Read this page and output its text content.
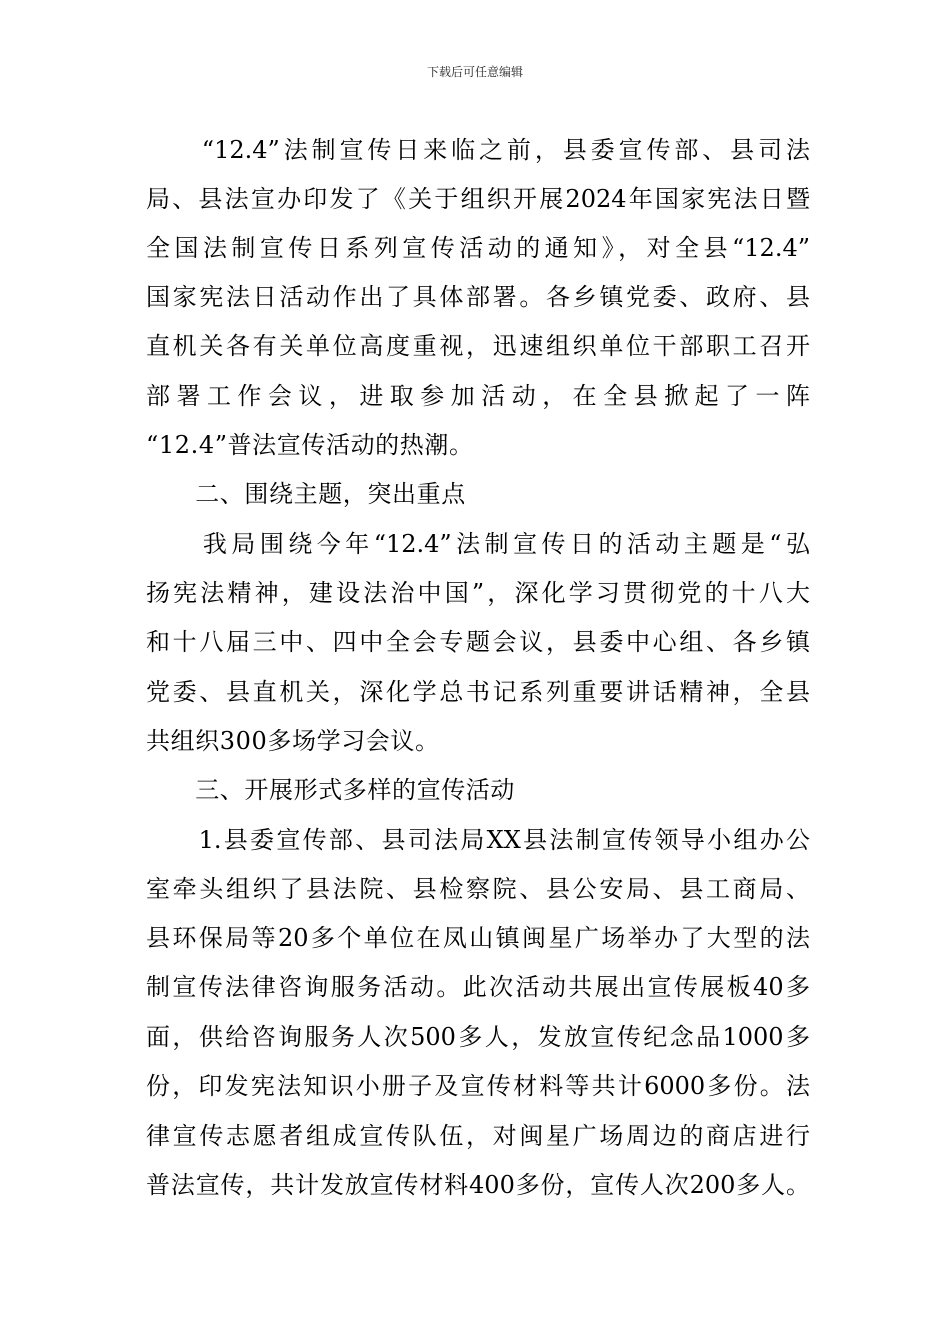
下载后可任意编辑
　　“12.4”法制宣传日来临之前，县委宣传部、县司法
局、县法宣办印发了《关于组织开展2024年国家宪法日暨
全国法制宣传日系列宣传活动的通知》，对全县“12.4”
国家宪法日活动作出了具体部署。各乡镇党委、政府、县
直机关各有关单位高度重视，迅速组织单位干部职工召开
部署工作会议，进取参加活动，在全县掀起了一阵
“12.4”普法宣传活动的热潮。
　　二、围绕主题，突出重点
　　我局围绕今年“12.4”法制宣传日的活动主题是“弘
扬宪法精神，建设法治中国”，深化学习贯彻党的十八大
和十八届三中、四中全会专题会议，县委中心组、各乡镇
党委、县直机关，深化学总书记系列重要讲话精神，全县
共组织300多场学习会议。
　　三、开展形式多样的宣传活动
　　1.县委宣传部、县司法局XX县法制宣传领导小组办公
室牵头组织了县法院、县检察院、县公安局、县工商局、
县环保局等20多个单位在凤山镇闽星广场举办了大型的法
制宣传法律咨询服务活动。此次活动共展出宣传展板40多
面，供给咨询服务人次500多人，发放宣传纪念品1000多
份，印发宪法知识小册子及宣传材料等共计6000多份。法
律宣传志愿者组成宣传队伍，对闽星广场周边的商店进行
普法宣传，共计发放宣传材料400多份，宣传人次200多人。
